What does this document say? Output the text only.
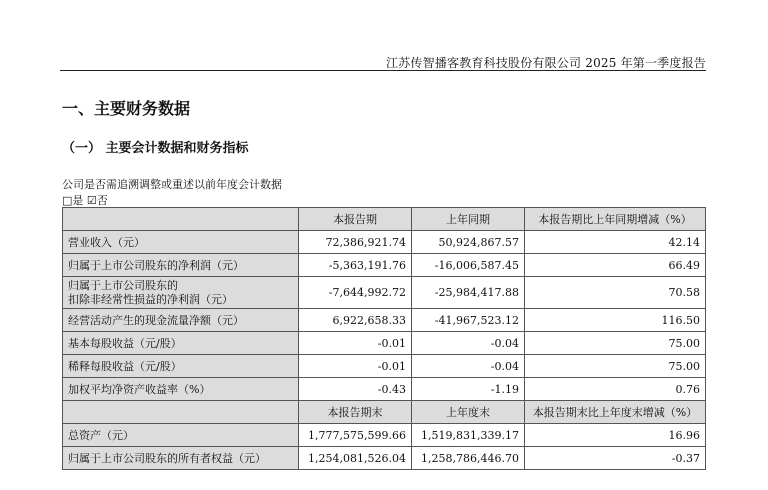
江苏传智播客教育科技股份有限公司 2025 年第一季度报告
一、主要财务数据
（一） 主要会计数据和财务指标
公司是否需追溯调整或重述以前年度会计数据
□是 ☑否
	本报告期	上年同期	本报告期比上年同期增减（%）
营业收入（元）	72,386,921.74	50,924,867.57	42.14
归属于上市公司股东的净利润（元）	-5,363,191.76	-16,006,587.45	66.49

归属于上市公司股东的
扣除非经常性损益的净利润（元）	-7,644,992.72	-25,984,417.88	70.58
经营活动产生的现金流量净额（元）	6,922,658.33	-41,967,523.12	116.50
基本每股收益（元/股）	-0.01	-0.04	75.00
稀释每股收益（元/股）	-0.01	-0.04	75.00
加权平均净资产收益率（%）	-0.43	-1.19	0.76
	本报告期末	上年度末	本报告期末比上年度末增减（%）
总资产（元）	1,777,575,599.66	1,519,831,339.17	16.96
归属于上市公司股东的所有者权益（元）	1,254,081,526.04	1,258,786,446.70	-0.37
